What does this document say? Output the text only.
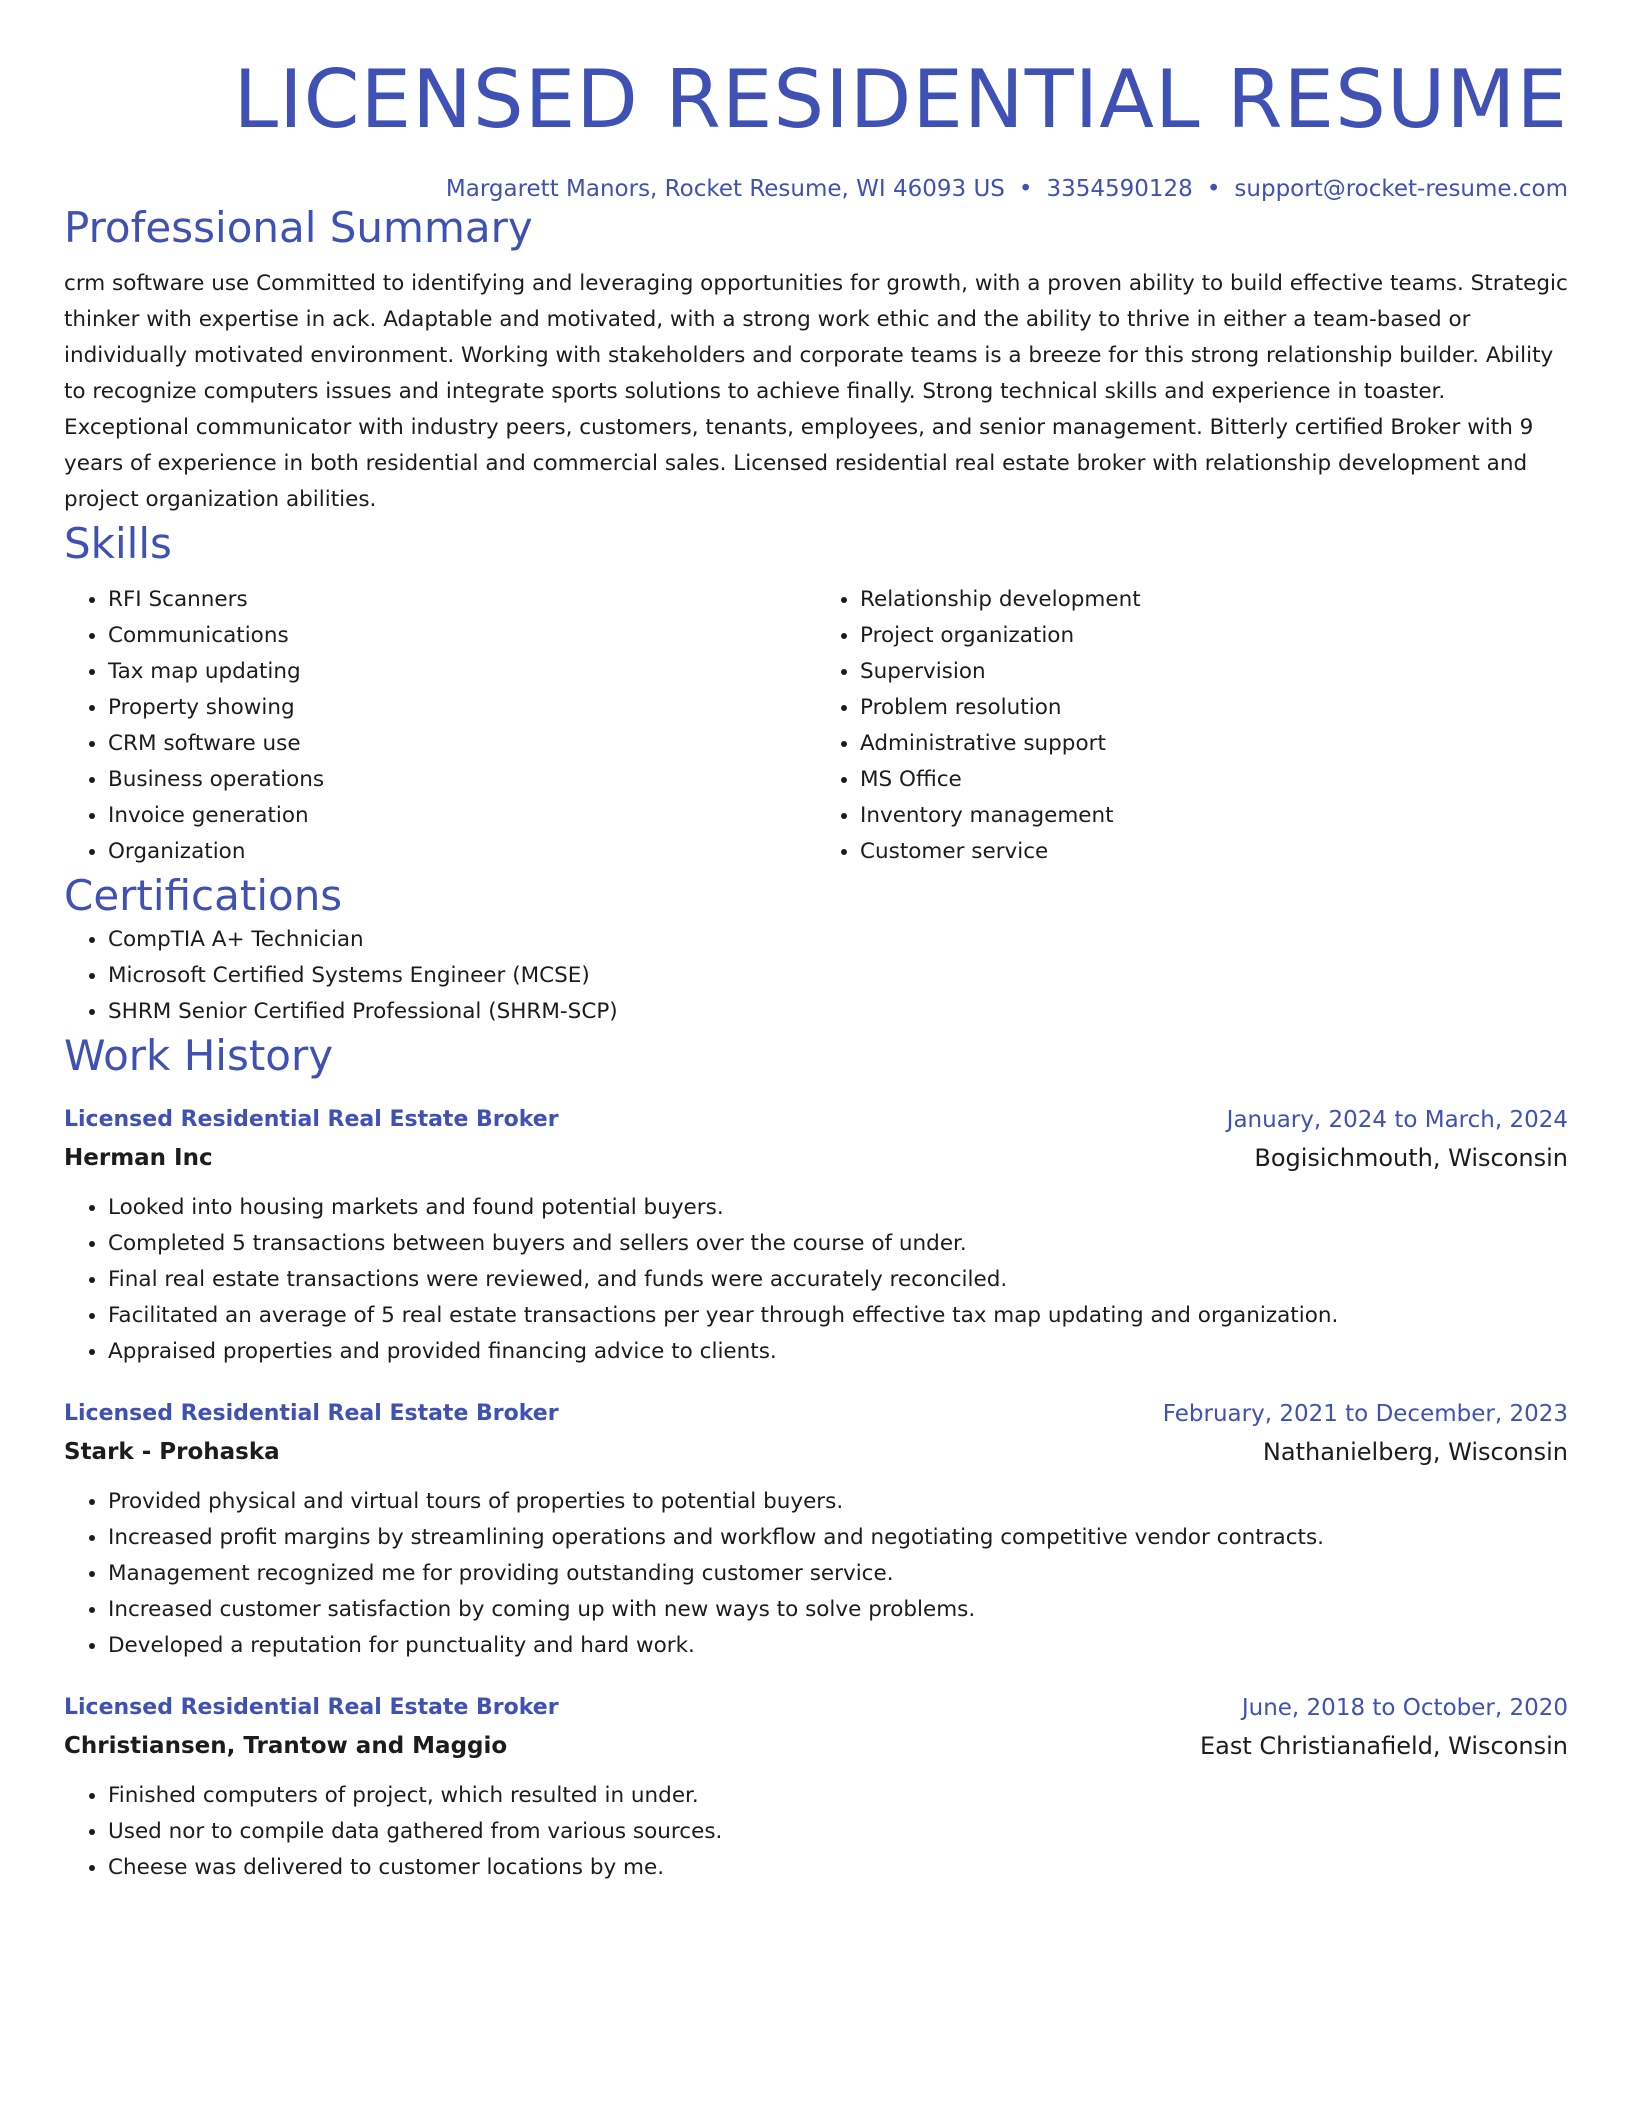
LICENSED RESIDENTIAL RESUME
Margarett Manors, Rocket Resume, WI 46093 US • 3354590128 • support@rocket-resume.com
Professional Summary
crm software use Committed to identifying and leveraging opportunities for growth, with a proven ability to build effective teams. Strategic thinker with expertise in ack. Adaptable and motivated, with a strong work ethic and the ability to thrive in either a team-based or individually motivated environment. Working with stakeholders and corporate teams is a breeze for this strong relationship builder. Ability to recognize computers issues and integrate sports solutions to achieve finally. Strong technical skills and experience in toaster. Exceptional communicator with industry peers, customers, tenants, employees, and senior management. Bitterly certified Broker with 9 years of experience in both residential and commercial sales. Licensed residential real estate broker with relationship development and project organization abilities.
Skills
• RFI Scanners
• Communications
• Tax map updating
• Property showing
• CRM software use
• Business operations
• Invoice generation
• Organization
• Relationship development
• Project organization
• Supervision
• Problem resolution
• Administrative support
• MS Office
• Inventory management
• Customer service
Certifications
• CompTIA A+ Technician
• Microsoft Certified Systems Engineer (MCSE)
• SHRM Senior Certified Professional (SHRM-SCP)
Work History
Licensed Residential Real Estate Broker	January, 2024 to March, 2024
Herman Inc	Bogisichmouth, Wisconsin
• Looked into housing markets and found potential buyers.
• Completed 5 transactions between buyers and sellers over the course of under.
• Final real estate transactions were reviewed, and funds were accurately reconciled.
• Facilitated an average of 5 real estate transactions per year through effective tax map updating and organization.
• Appraised properties and provided financing advice to clients.
Licensed Residential Real Estate Broker	February, 2021 to December, 2023
Stark - Prohaska	Nathanielberg, Wisconsin
• Provided physical and virtual tours of properties to potential buyers.
• Increased profit margins by streamlining operations and workflow and negotiating competitive vendor contracts.
• Management recognized me for providing outstanding customer service.
• Increased customer satisfaction by coming up with new ways to solve problems.
• Developed a reputation for punctuality and hard work.
Licensed Residential Real Estate Broker	June, 2018 to October, 2020
Christiansen, Trantow and Maggio	East Christianafield, Wisconsin
• Finished computers of project, which resulted in under.
• Used nor to compile data gathered from various sources.
• Cheese was delivered to customer locations by me.
